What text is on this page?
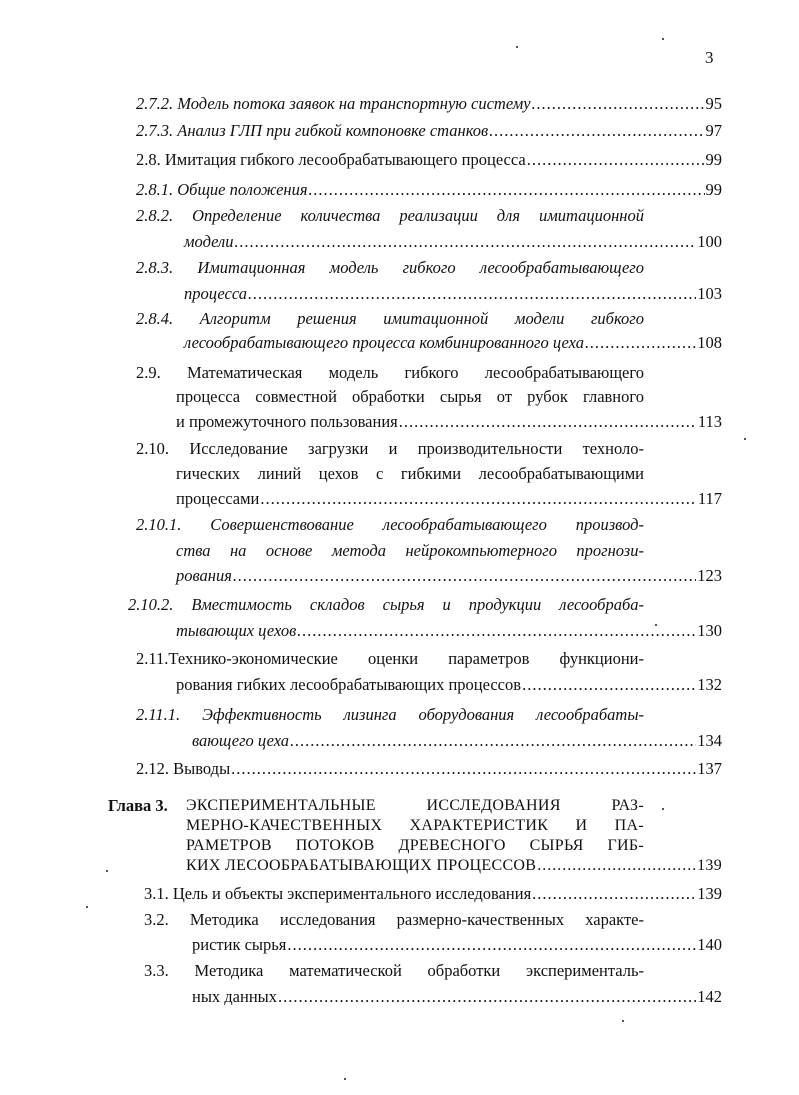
3
2.7.2. Модель потока заявок на транспортную систему .....	95
2.7.3. Анализ ГЛП при гибкой компоновке станков .....	97
2.8. Имитация гибкого лесообрабатывающего процесса .....	99
2.8.1. Общие положения .....	99
2.8.2. Определение количества реализации для имитационной
модели .....	100
2.8.3. Имитационная модель гибкого лесообрабатывающего
процесса .....	103
2.8.4. Алгоритм решения имитационной модели гибкого
лесообрабатывающего процесса комбинированного цеха .....	108
2.9. Математическая модель гибкого лесообрабатывающего
процесса совместной обработки сырья от рубок главного
и промежуточного пользования .....	113
2.10. Исследование загрузки и производительности техноло-
гических линий цехов с гибкими лесообрабатывающими
процессами .....	117
2.10.1. Совершенствование лесообрабатывающего производ-
ства на основе метода нейрокомпьютерного прогнози-
рования .....	123
2.10.2. Вместимость складов сырья и продукции лесообраба-
тывающих цехов .....	130
2.11.Технико-экономические оценки параметров функциони-
рования гибких лесообрабатывающих процессов .....	132
2.11.1. Эффективность лизинга оборудования лесообрабаты-
вающего цеха .....	134
2.12. Выводы .....	137
Глава 3. ЭКСПЕРИМЕНТАЛЬНЫЕ ИССЛЕДОВАНИЯ РАЗ-
МЕРНО-КАЧЕСТВЕННЫХ ХАРАКТЕРИСТИК И ПА-
РАМЕТРОВ ПОТОКОВ ДРЕВЕСНОГО СЫРЬЯ ГИБ-
КИХ ЛЕСООБРАБАТЫВАЮЩИХ ПРОЦЕССОВ .....	139
3.1. Цель и объекты экспериментального исследования .....	139
3.2. Методика исследования размерно-качественных характе-
ристик сырья .....	140
3.3. Методика математической обработки эксперименталь-
ных данных .....	142
